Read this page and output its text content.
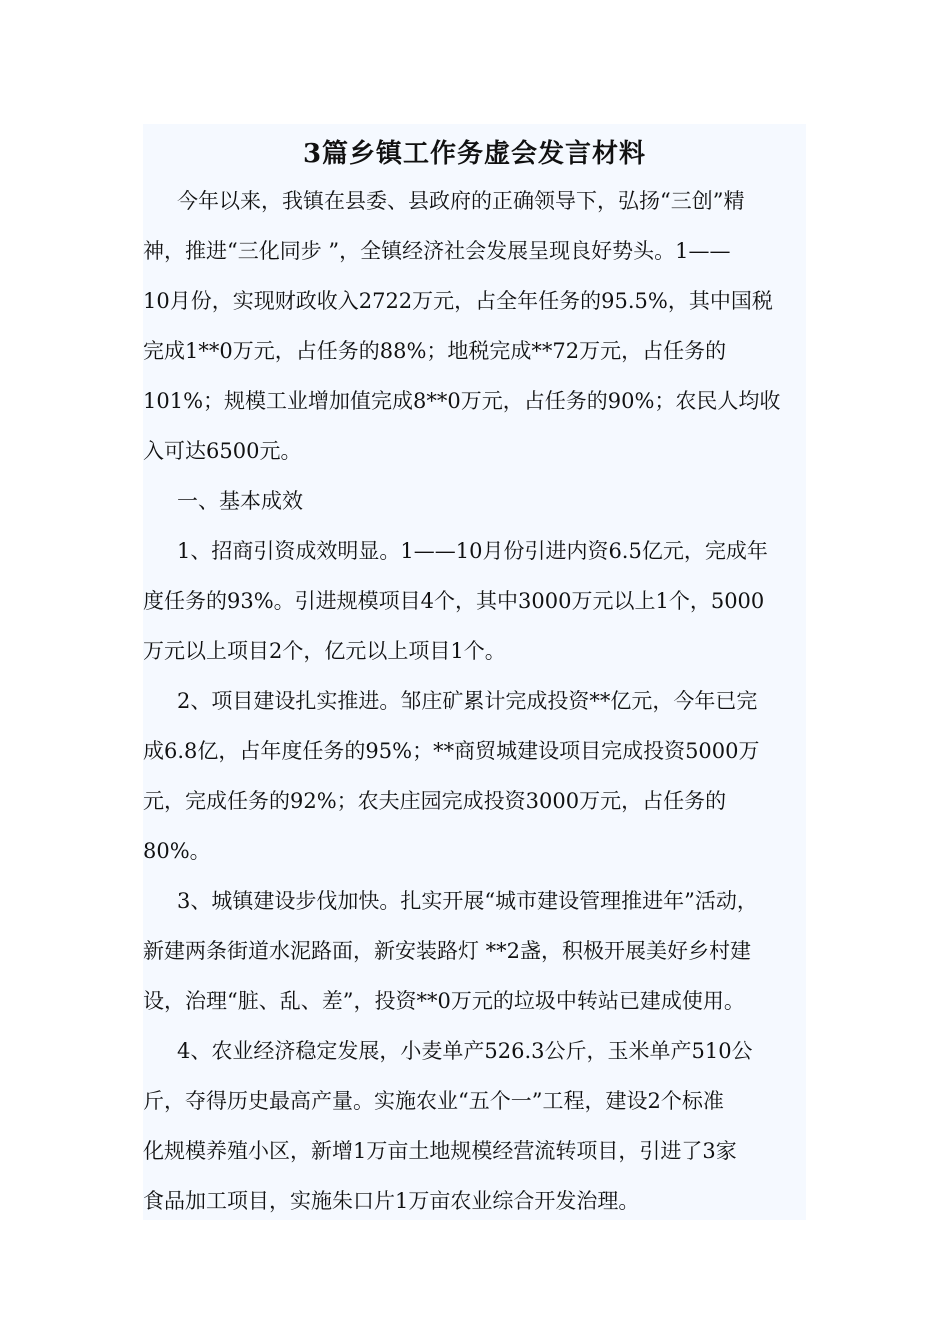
3篇乡镇工作务虚会发言材料
今年以来，我镇在县委、县政府的正确领导下，弘扬“三创”精
神，推进“三化同步 ”，全镇经济社会发展呈现良好势头。1——
10月份，实现财政收入2722万元，占全年任务的95.5%，其中国税
完成1**0万元，占任务的88%；地税完成**72万元，占任务的
101%；规模工业增加值完成8**0万元，占任务的90%；农民人均收
入可达6500元。
一、基本成效
1、招商引资成效明显。1——10月份引进内资6.5亿元，完成年
度任务的93%。引进规模项目4个，其中3000万元以上1个，5000
万元以上项目2个，亿元以上项目1个。
2、项目建设扎实推进。邹庄矿累计完成投资**亿元，今年已完
成6.8亿，占年度任务的95%；**商贸城建设项目完成投资5000万
元，完成任务的92%；农夫庄园完成投资3000万元，占任务的
80%。
3、城镇建设步伐加快。扎实开展“城市建设管理推进年”活动，
新建两条街道水泥路面，新安装路灯 **2盏，积极开展美好乡村建
设，治理“脏、乱、差”，投资**0万元的垃圾中转站已建成使用。
4、农业经济稳定发展，小麦单产526.3公斤，玉米单产510公
斤，夺得历史最高产量。实施农业“五个一”工程，建设2个标准
化规模养殖小区，新增1万亩土地规模经营流转项目，引进了3家
食品加工项目，实施朱口片1万亩农业综合开发治理。
